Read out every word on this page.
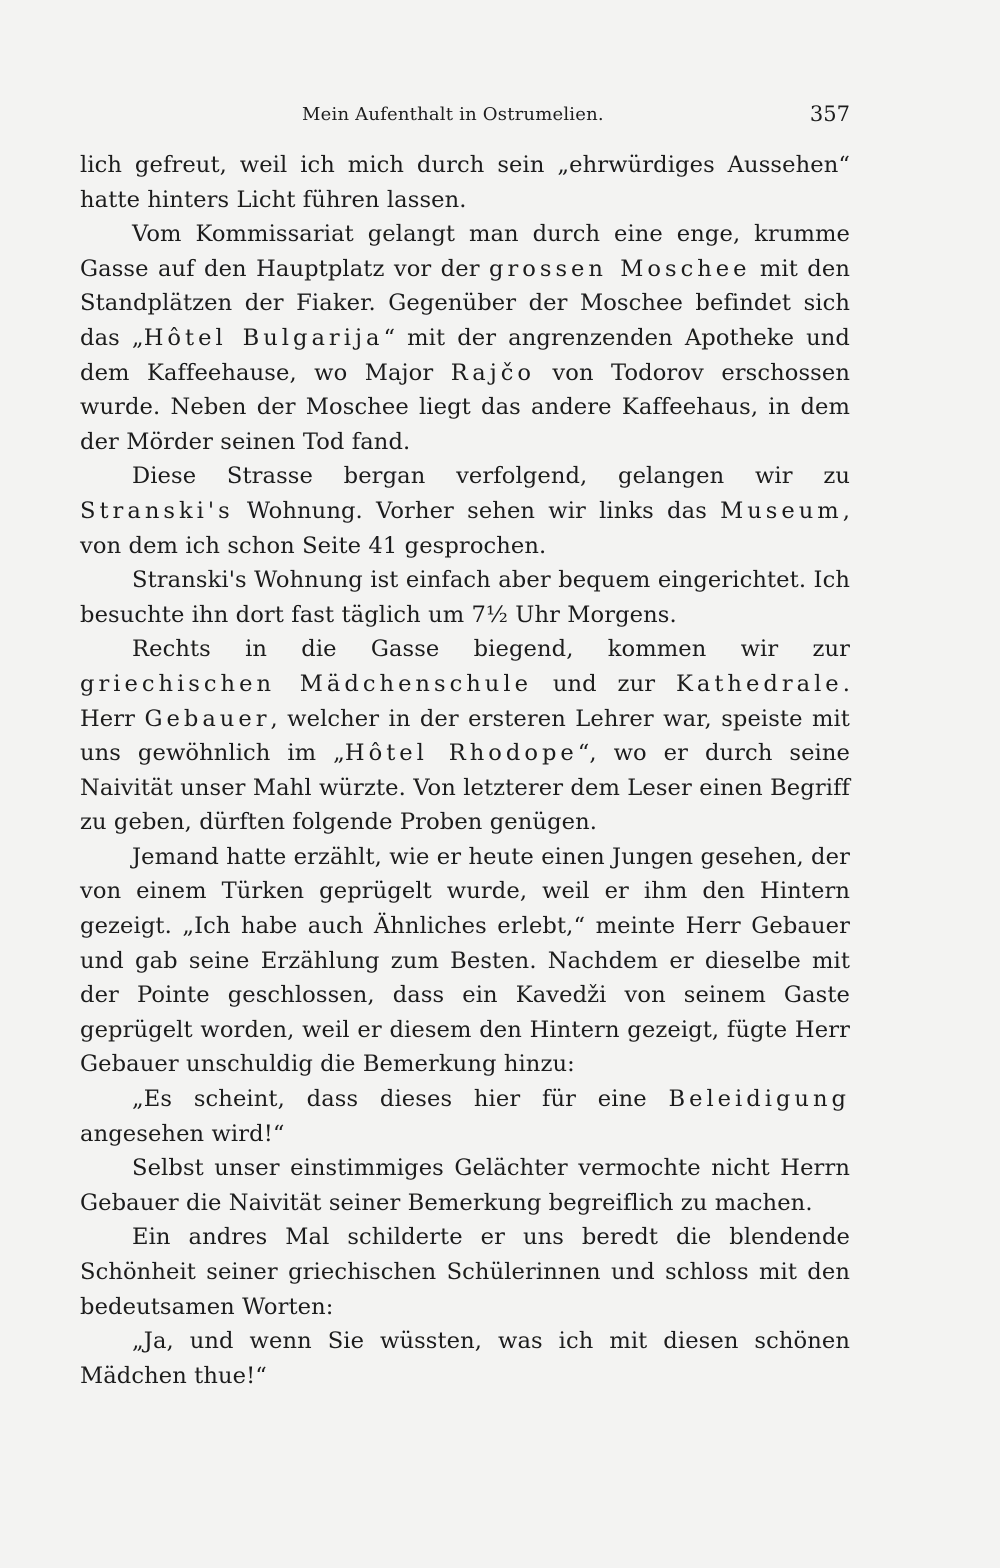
Mein Aufenthalt in Ostrumelien.	357

lich gefreut, weil ich mich durch sein „ehrwürdiges Aussehen“ hatte hinters Licht führen lassen.

Vom Kommissariat gelangt man durch eine enge, krumme Gasse auf den Hauptplatz vor der grossen Moschee mit den Standplätzen der Fiaker. Gegenüber der Moschee befindet sich das „Hôtel Bulgarija“ mit der angrenzenden Apotheke und dem Kaffeehause, wo Major Rajčo von Todorov erschossen wurde. Neben der Moschee liegt das andere Kaffeehaus, in dem der Mörder seinen Tod fand.

Diese Strasse bergan verfolgend, gelangen wir zu Stranski's Wohnung. Vorher sehen wir links das Museum, von dem ich schon Seite 41 gesprochen.

Stranski's Wohnung ist einfach aber bequem eingerichtet. Ich besuchte ihn dort fast täglich um 7½ Uhr Morgens.

Rechts in die Gasse biegend, kommen wir zur griechischen Mädchenschule und zur Kathedrale. Herr Gebauer, welcher in der ersteren Lehrer war, speiste mit uns gewöhnlich im „Hôtel Rhodope“, wo er durch seine Naivität unser Mahl würzte. Von letzterer dem Leser einen Begriff zu geben, dürften folgende Proben genügen.

Jemand hatte erzählt, wie er heute einen Jungen gesehen, der von einem Türken geprügelt wurde, weil er ihm den Hintern gezeigt. „Ich habe auch Ähnliches erlebt,“ meinte Herr Gebauer und gab seine Erzählung zum Besten. Nachdem er dieselbe mit der Pointe geschlossen, dass ein Kavedži von seinem Gaste geprügelt worden, weil er diesem den Hintern gezeigt, fügte Herr Gebauer unschuldig die Bemerkung hinzu:

„Es scheint, dass dieses hier für eine Beleidigung angesehen wird!“

Selbst unser einstimmiges Gelächter vermochte nicht Herrn Gebauer die Naivität seiner Bemerkung begreiflich zu machen.

Ein andres Mal schilderte er uns beredt die blendende Schönheit seiner griechischen Schülerinnen und schloss mit den bedeutsamen Worten:

„Ja, und wenn Sie wüssten, was ich mit diesen schönen Mädchen thue!“
